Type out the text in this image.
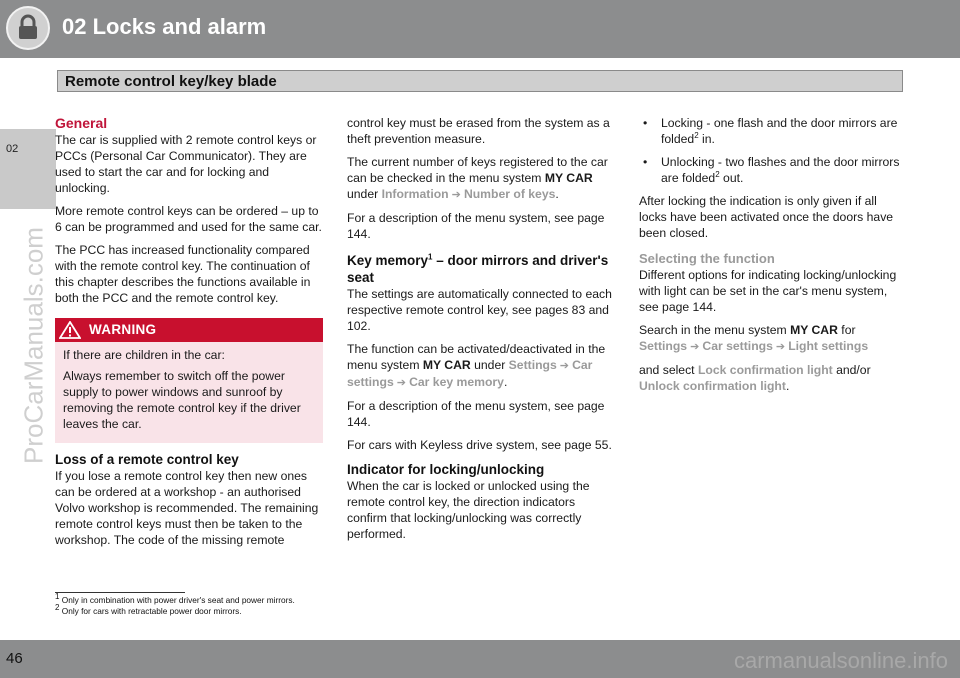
02 Locks and alarm
Remote control key/key blade
02
ProCarManuals.com
General

The car is supplied with 2 remote control keys or PCCs (Personal Car Communicator). They are used to start the car and for locking and unlocking.

More remote control keys can be ordered – up to 6 can be programmed and used for the same car.

The PCC has increased functionality compared with the remote control key. The continuation of this chapter describes the functions available in both the PCC and the remote control key.

WARNING

If there are children in the car:

Always remember to switch off the power supply to power windows and sunroof by removing the remote control key if the driver leaves the car.

Loss of a remote control key

If you lose a remote control key then new ones can be ordered at a workshop - an authorised Volvo workshop is recommended. The remaining remote control keys must then be taken to the workshop. The code of the missing remote

control key must be erased from the system as a theft prevention measure.

The current number of keys registered to the car can be checked in the menu system MY CAR under Information ➔ Number of keys.

For a description of the menu system, see page 144.

Key memory$^1$ – door mirrors and driver's seat

The settings are automatically connected to each respective remote control key, see pages 83 and 102.

The function can be activated/deactivated in the menu system MY CAR under Settings ➔ Car settings ➔ Car key memory.

For a description of the menu system, see page 144.

For cars with Keyless drive system, see page 55.

Indicator for locking/unlocking

When the car is locked or unlocked using the remote control key, the direction indicators confirm that locking/unlocking was correctly performed.

• Locking - one flash and the door mirrors are folded$^2$ in.
• Unlocking - two flashes and the door mirrors are folded$^2$ out.

After locking the indication is only given if all locks have been activated once the doors have been closed.

Selecting the function

Different options for indicating locking/unlocking with light can be set in the car's menu system, see page 144.

Search in the menu system MY CAR for
Settings ➔ Car settings ➔ Light settings

and select Lock confirmation light and/or
Unlock confirmation light.

$^1$ Only in combination with power driver's seat and power mirrors.
$^2$ Only for cars with retractable power door mirrors.
46	carmanualsonline.info
